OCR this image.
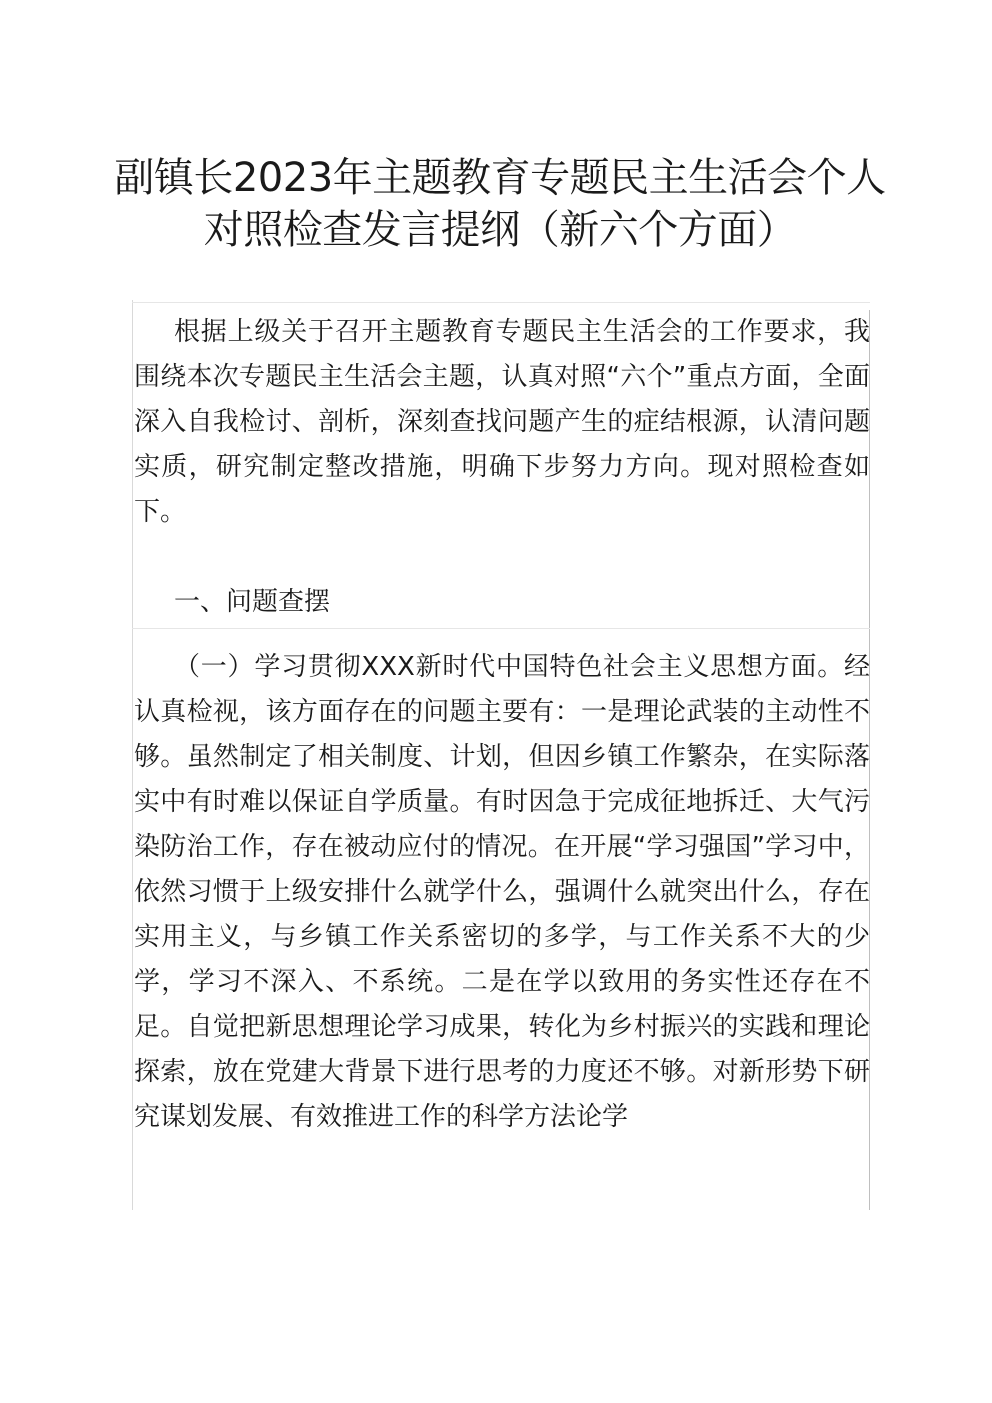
副镇长2023年主题教育专题民主生活会个人
对照检查发言提纲（新六个方面）

根据上级关于召开主题教育专题民主生活会的工作要求，我围绕本次专题民主生活会主题，认真对照“六个”重点方面，全面深入自我检讨、剖析，深刻查找问题产生的症结根源，认清问题实质，研究制定整改措施，明确下步努力方向。现对照检查如下。

一、问题查摆

（一）学习贯彻XXX新时代中国特色社会主义思想方面。经认真检视，该方面存在的问题主要有：一是理论武装的主动性不够。虽然制定了相关制度、计划，但因乡镇工作繁杂，在实际落实中有时难以保证自学质量。有时因急于完成征地拆迁、大气污染防治工作，存在被动应付的情况。在开展“学习强国”学习中，依然习惯于上级安排什么就学什么，强调什么就突出什么，存在实用主义，与乡镇工作关系密切的多学，与工作关系不大的少学，学习不深入、不系统。二是在学以致用的务实性还存在不足。自觉把新思想理论学习成果，转化为乡村振兴的实践和理论探索，放在党建大背景下进行思考的力度还不够。对新形势下研究谋划发展、有效推进工作的科学方法论学
